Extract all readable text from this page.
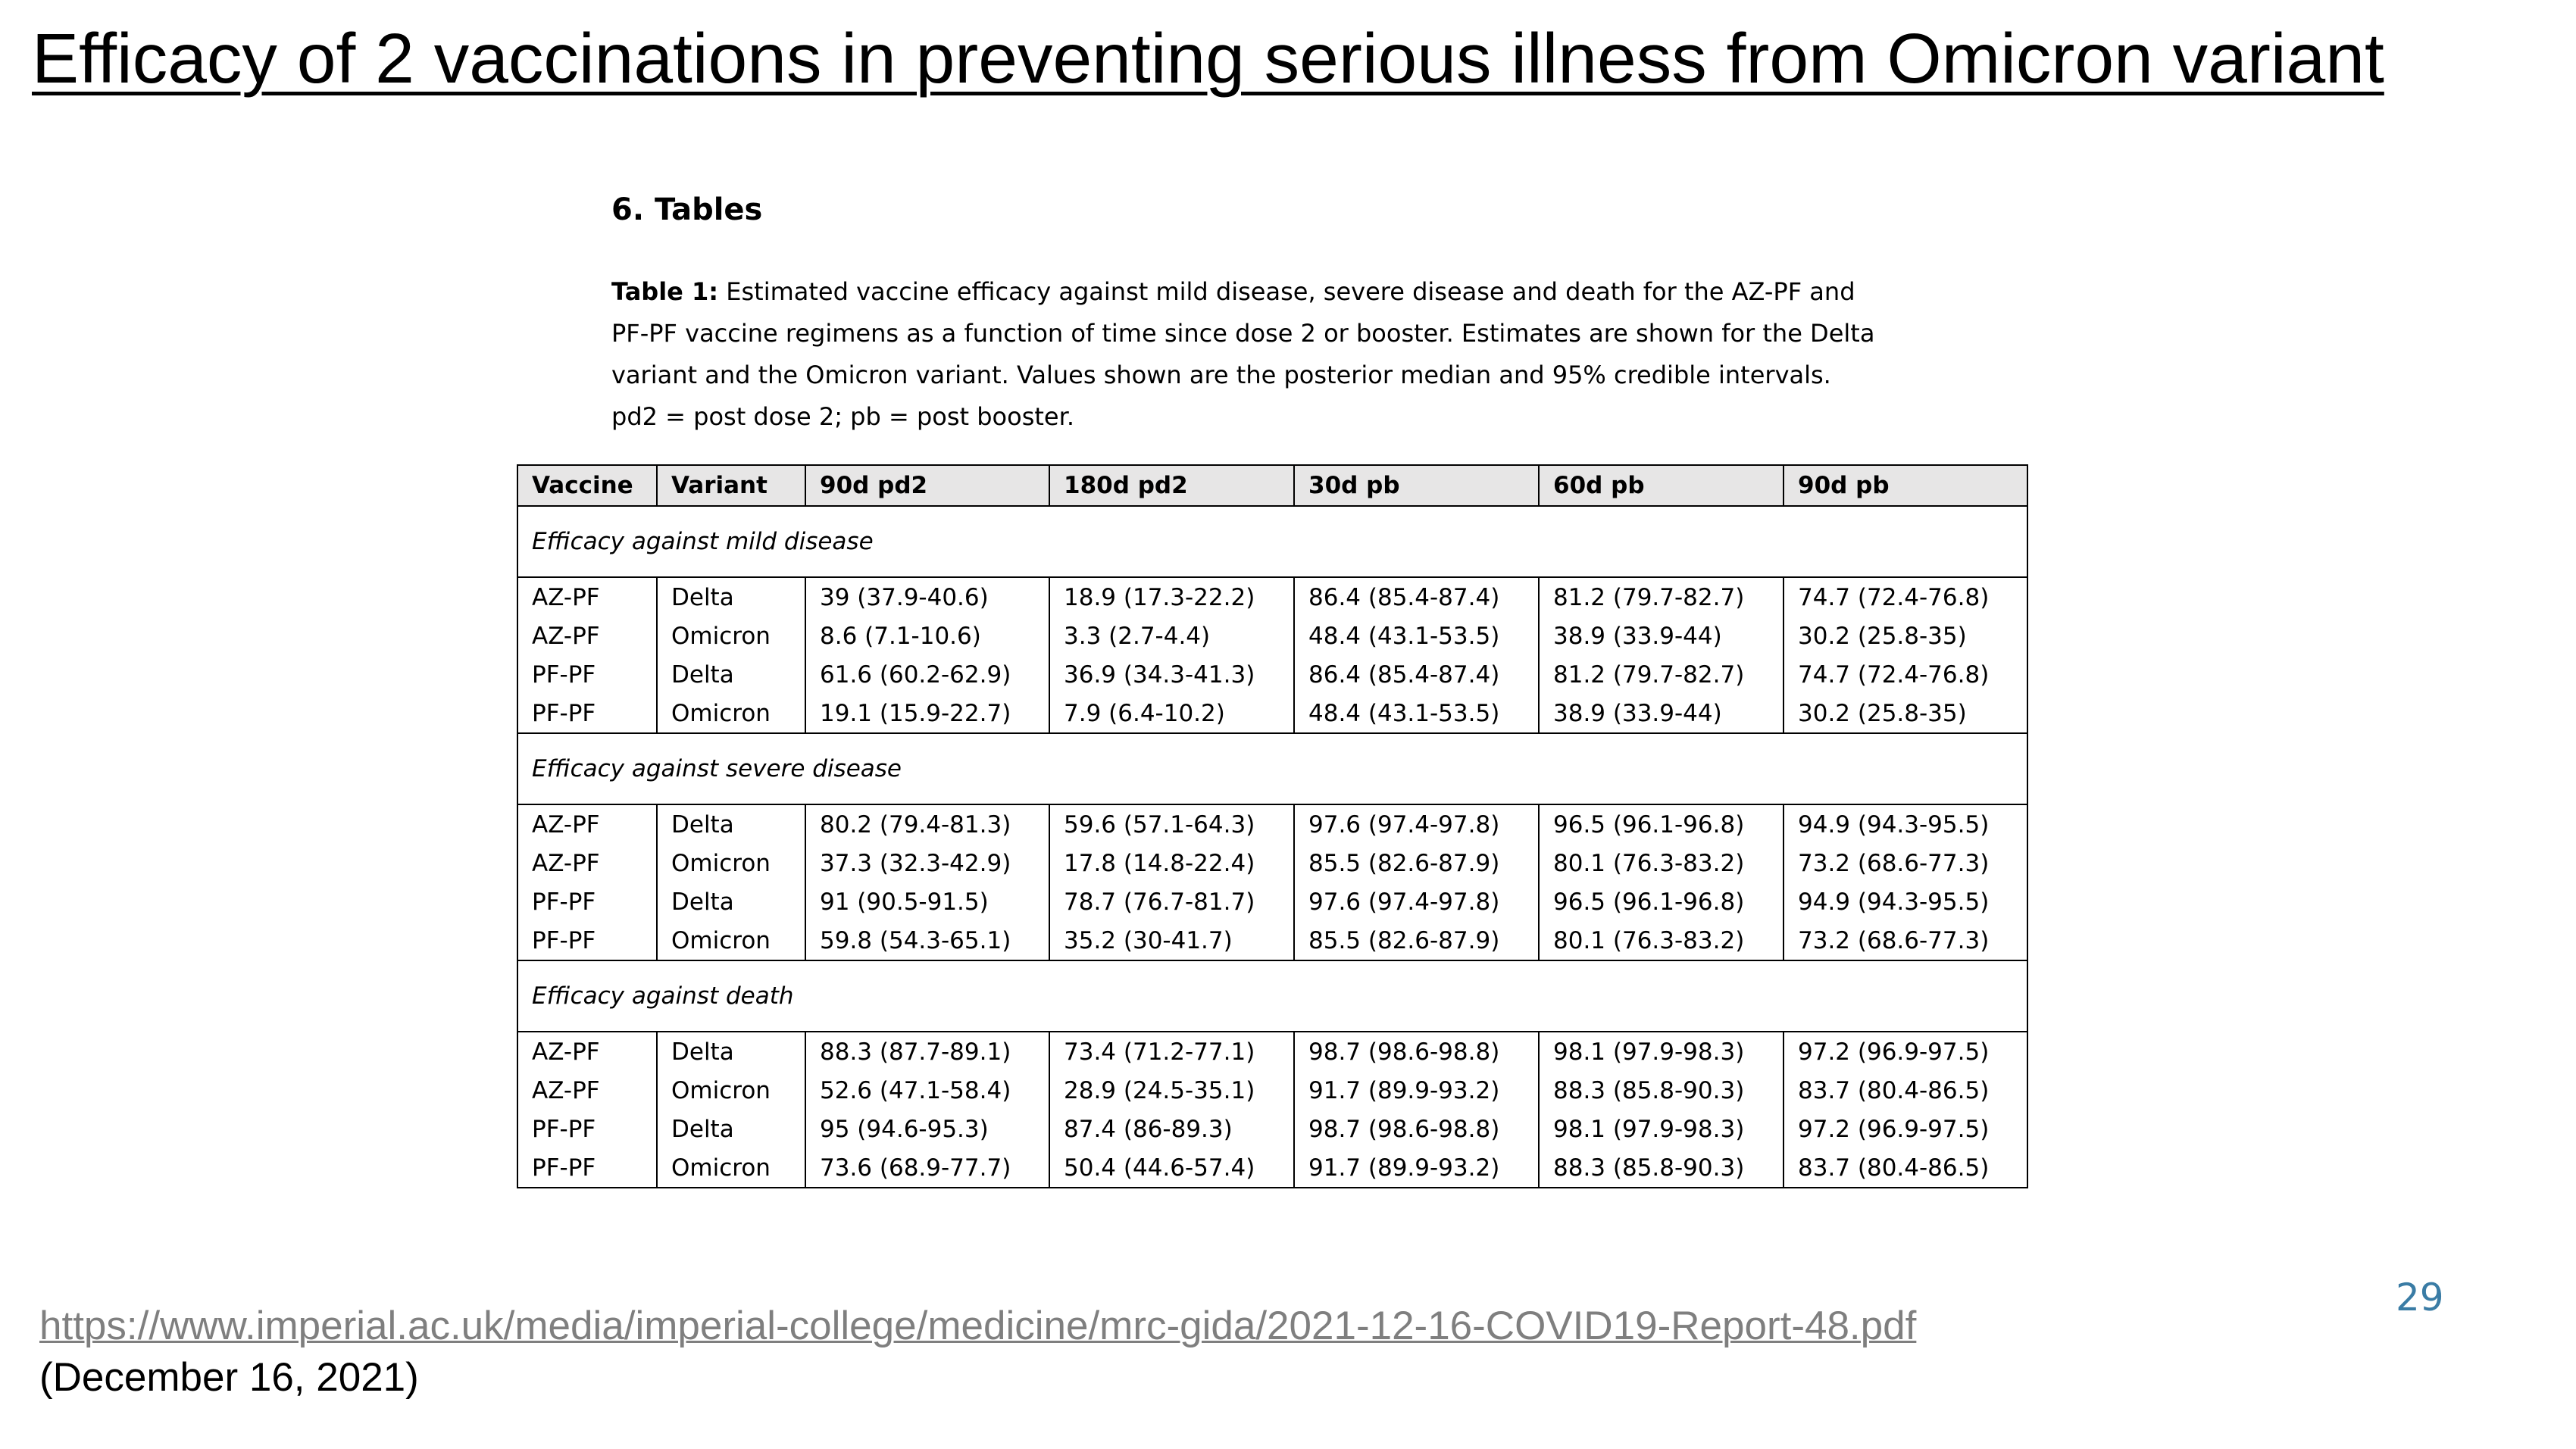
Efficacy of 2 vaccinations in preventing serious illness from Omicron variant
6. Tables

Table 1: Estimated vaccine efficacy against mild disease, severe disease and death for the AZ-PF and
PF-PF vaccine regimens as a function of time since dose 2 or booster. Estimates are shown for the Delta
variant and the Omicron variant. Values shown are the posterior median and 95% credible intervals.
pd2 = post dose 2; pb = post booster.

Vaccine	Variant	90d pd2	180d pd2	30d pb	60d pb	90d pb
Efficacy against mild disease						
AZ-PF	Delta	39 (37.9-40.6)	18.9 (17.3-22.2)	86.4 (85.4-87.4)	81.2 (79.7-82.7)	74.7 (72.4-76.8)
AZ-PF	Omicron	8.6 (7.1-10.6)	3.3 (2.7-4.4)	48.4 (43.1-53.5)	38.9 (33.9-44)	30.2 (25.8-35)
PF-PF	Delta	61.6 (60.2-62.9)	36.9 (34.3-41.3)	86.4 (85.4-87.4)	81.2 (79.7-82.7)	74.7 (72.4-76.8)
PF-PF	Omicron	19.1 (15.9-22.7)	7.9 (6.4-10.2)	48.4 (43.1-53.5)	38.9 (33.9-44)	30.2 (25.8-35)
Efficacy against severe disease						
AZ-PF	Delta	80.2 (79.4-81.3)	59.6 (57.1-64.3)	97.6 (97.4-97.8)	96.5 (96.1-96.8)	94.9 (94.3-95.5)
AZ-PF	Omicron	37.3 (32.3-42.9)	17.8 (14.8-22.4)	85.5 (82.6-87.9)	80.1 (76.3-83.2)	73.2 (68.6-77.3)
PF-PF	Delta	91 (90.5-91.5)	78.7 (76.7-81.7)	97.6 (97.4-97.8)	96.5 (96.1-96.8)	94.9 (94.3-95.5)
PF-PF	Omicron	59.8 (54.3-65.1)	35.2 (30-41.7)	85.5 (82.6-87.9)	80.1 (76.3-83.2)	73.2 (68.6-77.3)
Efficacy against death						
AZ-PF	Delta	88.3 (87.7-89.1)	73.4 (71.2-77.1)	98.7 (98.6-98.8)	98.1 (97.9-98.3)	97.2 (96.9-97.5)
AZ-PF	Omicron	52.6 (47.1-58.4)	28.9 (24.5-35.1)	91.7 (89.9-93.2)	88.3 (85.8-90.3)	83.7 (80.4-86.5)
PF-PF	Delta	95 (94.6-95.3)	87.4 (86-89.3)	98.7 (98.6-98.8)	98.1 (97.9-98.3)	97.2 (96.9-97.5)
PF-PF	Omicron	73.6 (68.9-77.7)	50.4 (44.6-57.4)	91.7 (89.9-93.2)	88.3 (85.8-90.3)	83.7 (80.4-86.5)
29
https://www.imperial.ac.uk/media/imperial-college/medicine/mrc-gida/2021-12-16-COVID19-Report-48.pdf
(December 16, 2021)
